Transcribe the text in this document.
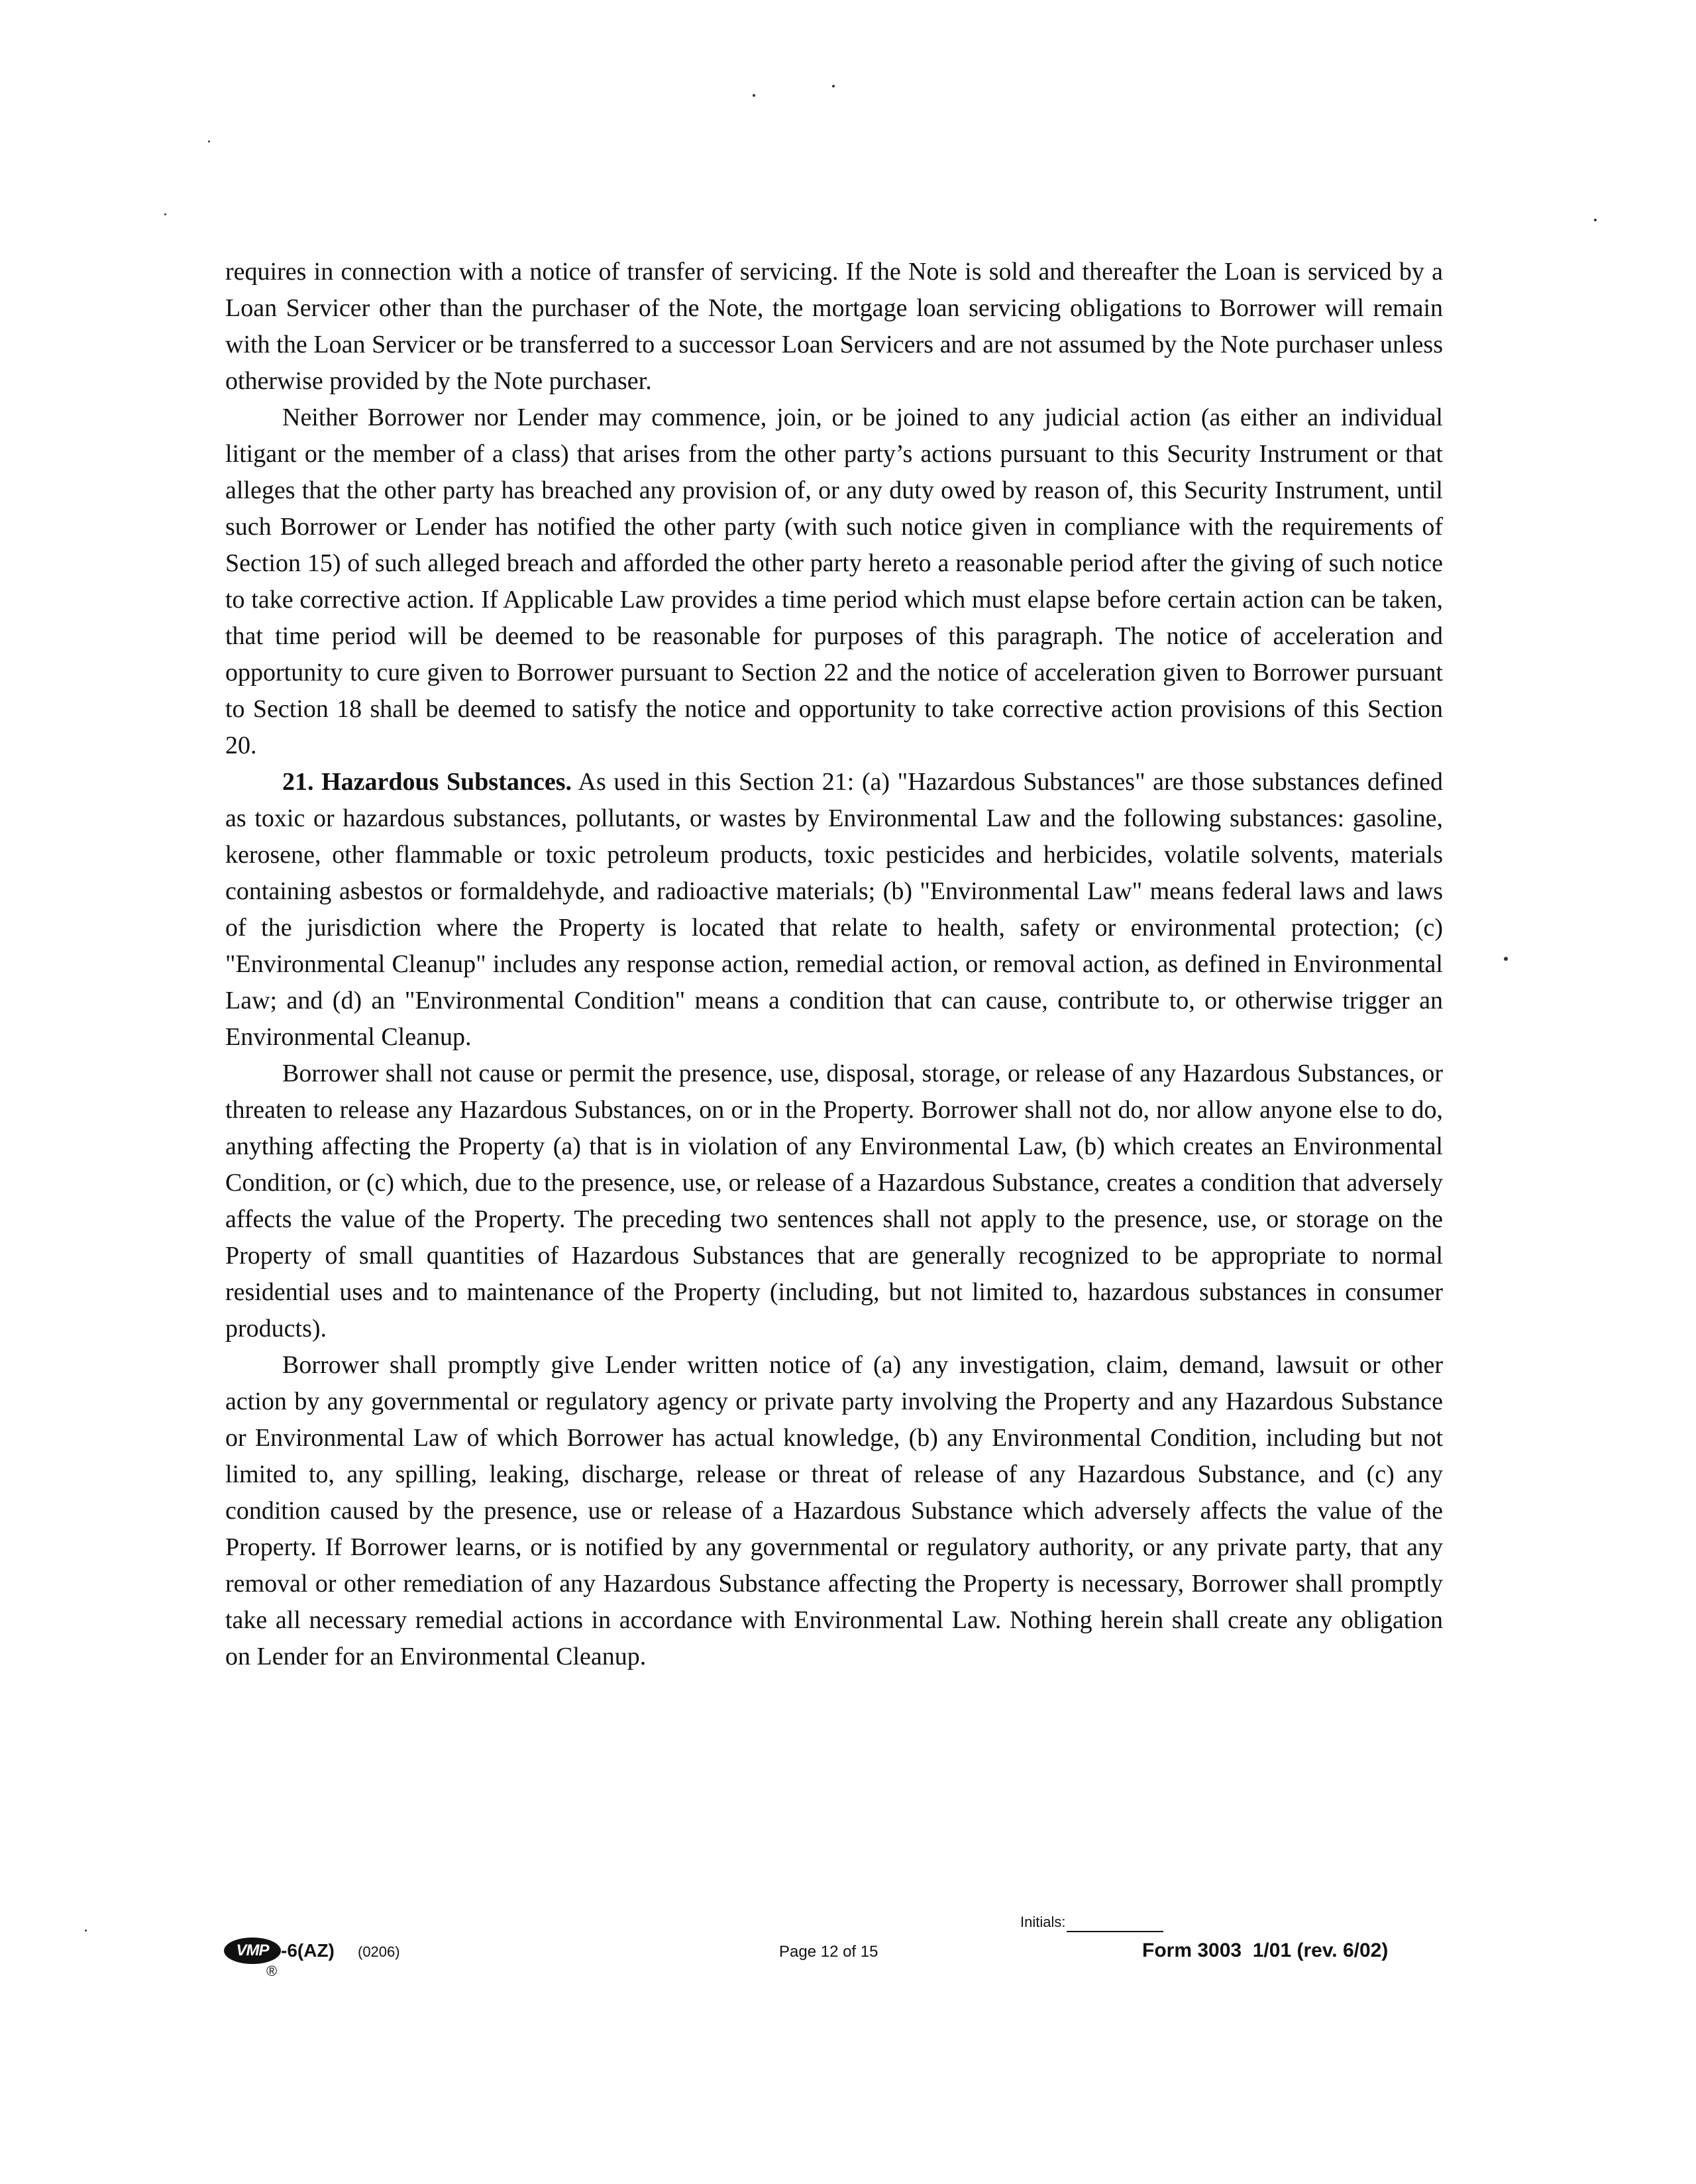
requires in connection with a notice of transfer of servicing. If the Note is sold and thereafter the Loan is serviced by a Loan Servicer other than the purchaser of the Note, the mortgage loan servicing obligations to Borrower will remain with the Loan Servicer or be transferred to a successor Loan Servicers and are not assumed by the Note purchaser unless otherwise provided by the Note purchaser.

Neither Borrower nor Lender may commence, join, or be joined to any judicial action (as either an individual litigant or the member of a class) that arises from the other party’s actions pursuant to this Security Instrument or that alleges that the other party has breached any provision of, or any duty owed by reason of, this Security Instrument, until such Borrower or Lender has notified the other party (with such notice given in compliance with the requirements of Section 15) of such alleged breach and afforded the other party hereto a reasonable period after the giving of such notice to take corrective action. If Applicable Law provides a time period which must elapse before certain action can be taken, that time period will be deemed to be reasonable for purposes of this paragraph. The notice of acceleration and opportunity to cure given to Borrower pursuant to Section 22 and the notice of acceleration given to Borrower pursuant to Section 18 shall be deemed to satisfy the notice and opportunity to take corrective action provisions of this Section 20.

21. Hazardous Substances. As used in this Section 21: (a) "Hazardous Substances" are those substances defined as toxic or hazardous substances, pollutants, or wastes by Environmental Law and the following substances: gasoline, kerosene, other flammable or toxic petroleum products, toxic pesticides and herbicides, volatile solvents, materials containing asbestos or formaldehyde, and radioactive materials; (b) "Environmental Law" means federal laws and laws of the jurisdiction where the Property is located that relate to health, safety or environmental protection; (c) "Environmental Cleanup" includes any response action, remedial action, or removal action, as defined in Environmental Law; and (d) an "Environmental Condition" means a condition that can cause, contribute to, or otherwise trigger an Environmental Cleanup.

Borrower shall not cause or permit the presence, use, disposal, storage, or release of any Hazardous Substances, or threaten to release any Hazardous Substances, on or in the Property. Borrower shall not do, nor allow anyone else to do, anything affecting the Property (a) that is in violation of any Environmental Law, (b) which creates an Environmental Condition, or (c) which, due to the presence, use, or release of a Hazardous Substance, creates a condition that adversely affects the value of the Property. The preceding two sentences shall not apply to the presence, use, or storage on the Property of small quantities of Hazardous Substances that are generally recognized to be appropriate to normal residential uses and to maintenance of the Property (including, but not limited to, hazardous substances in consumer products).

Borrower shall promptly give Lender written notice of (a) any investigation, claim, demand, lawsuit or other action by any governmental or regulatory agency or private party involving the Property and any Hazardous Substance or Environmental Law of which Borrower has actual knowledge, (b) any Environmental Condition, including but not limited to, any spilling, leaking, discharge, release or threat of release of any Hazardous Substance, and (c) any condition caused by the presence, use or release of a Hazardous Substance which adversely affects the value of the Property. If Borrower learns, or is notified by any governmental or regulatory authority, or any private party, that any removal or other remediation of any Hazardous Substance affecting the Property is necessary, Borrower shall promptly take all necessary remedial actions in accordance with Environmental Law. Nothing herein shall create any obligation on Lender for an Environmental Cleanup.

VMP
®
-6(AZ) (0206)	Page 12 of 15
Initials:
Form 3003  1/01 (rev. 6/02)
